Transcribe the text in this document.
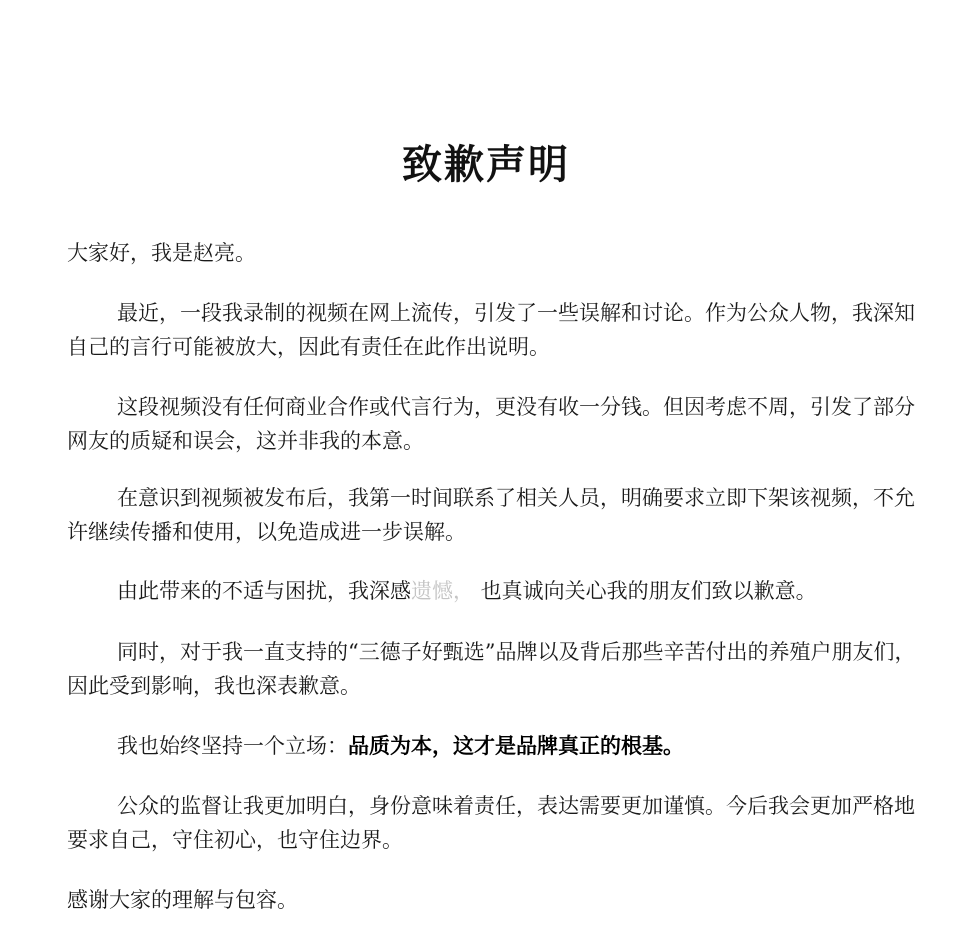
致歉声明

大家好，我是赵亮。

最近，一段我录制的视频在网上流传，引发了一些误解和讨论。作为公众人物，我深知自己的言行可能被放大，因此有责任在此作出说明。

这段视频没有任何商业合作或代言行为，更没有收一分钱。但因考虑不周，引发了部分网友的质疑和误会，这并非我的本意。

在意识到视频被发布后，我第一时间联系了相关人员，明确要求立即下架该视频，不允许继续传播和使用，以免造成进一步误解。

由此带来的不适与困扰，我深感遗憾， 也真诚向关心我的朋友们致以歉意。

同时，对于我一直支持的“三德子好甄选”品牌以及背后那些辛苦付出的养殖户朋友们，因此受到影响，我也深表歉意。

我也始终坚持一个立场：品质为本，这才是品牌真正的根基。

公众的监督让我更加明白，身份意味着责任，表达需要更加谨慎。今后我会更加严格地要求自己，守住初心，也守住边界。

感谢大家的理解与包容。
